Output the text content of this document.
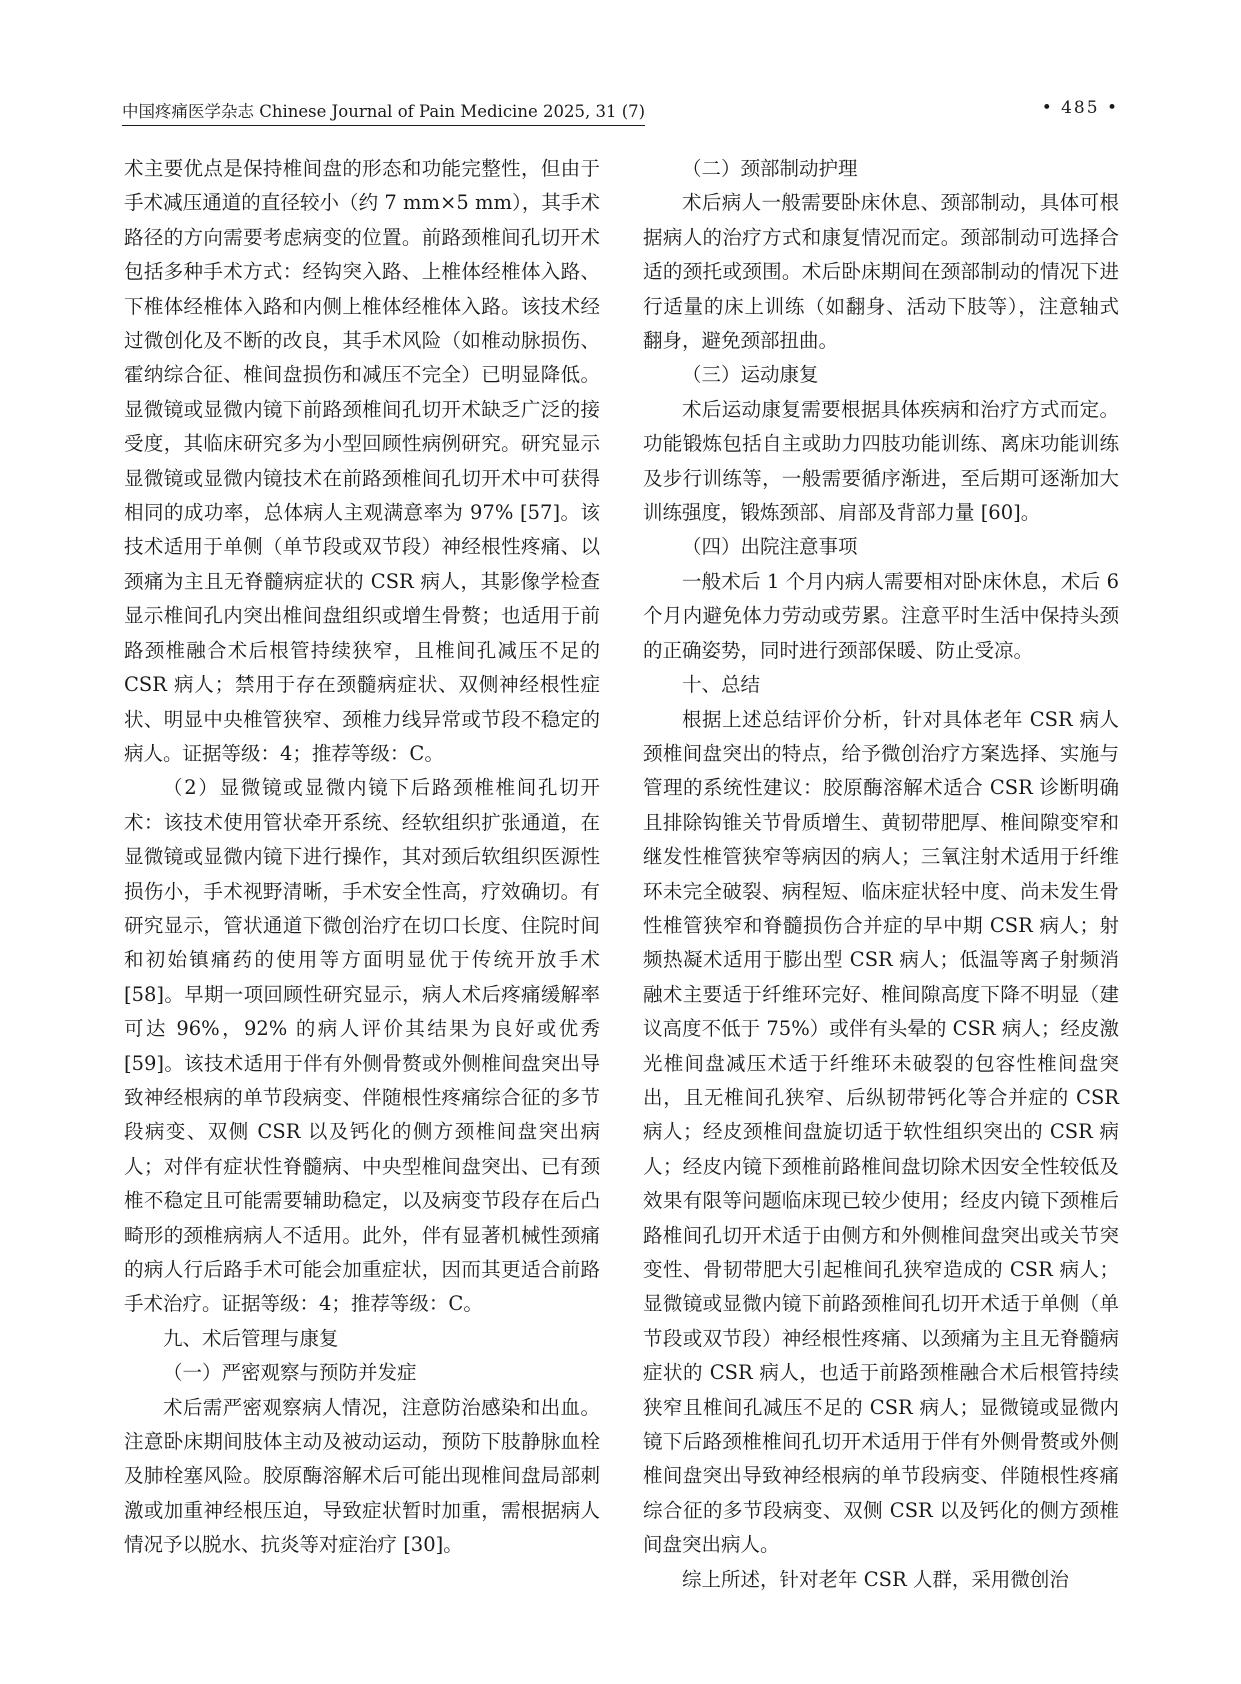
中国疼痛医学杂志 Chinese Journal of Pain Medicine 2025, 31 (7)	• 485 •

术主要优点是保持椎间盘的形态和功能完整性，但由于手术减压通道的直径较小（约 7 mm×5 mm），其手术路径的方向需要考虑病变的位置。前路颈椎间孔切开术包括多种手术方式：经钩突入路、上椎体经椎体入路、下椎体经椎体入路和内侧上椎体经椎体入路。该技术经过微创化及不断的改良，其手术风险（如椎动脉损伤、霍纳综合征、椎间盘损伤和减压不完全）已明显降低。显微镜或显微内镜下前路颈椎间孔切开术缺乏广泛的接受度，其临床研究多为小型回顾性病例研究。研究显示显微镜或显微内镜技术在前路颈椎间孔切开术中可获得相同的成功率，总体病人主观满意率为 97% [57]。该技术适用于单侧（单节段或双节段）神经根性疼痛、以颈痛为主且无脊髓病症状的 CSR 病人，其影像学检查显示椎间孔内突出椎间盘组织或增生骨赘；也适用于前路颈椎融合术后根管持续狭窄，且椎间孔减压不足的 CSR 病人；禁用于存在颈髓病症状、双侧神经根性症状、明显中央椎管狭窄、颈椎力线异常或节段不稳定的病人。证据等级：4；推荐等级：C。

（2）显微镜或显微内镜下后路颈椎椎间孔切开术：该技术使用管状牵开系统、经软组织扩张通道，在显微镜或显微内镜下进行操作，其对颈后软组织医源性损伤小，手术视野清晰，手术安全性高，疗效确切。有研究显示，管状通道下微创治疗在切口长度、住院时间和初始镇痛药的使用等方面明显优于传统开放手术 [58]。早期一项回顾性研究显示，病人术后疼痛缓解率可达 96%，92% 的病人评价其结果为良好或优秀 [59]。该技术适用于伴有外侧骨赘或外侧椎间盘突出导致神经根病的单节段病变、伴随根性疼痛综合征的多节段病变、双侧 CSR 以及钙化的侧方颈椎间盘突出病人；对伴有症状性脊髓病、中央型椎间盘突出、已有颈椎不稳定且可能需要辅助稳定，以及病变节段存在后凸畸形的颈椎病病人不适用。此外，伴有显著机械性颈痛的病人行后路手术可能会加重症状，因而其更适合前路手术治疗。证据等级：4；推荐等级：C。

九、术后管理与康复

（一）严密观察与预防并发症

术后需严密观察病人情况，注意防治感染和出血。注意卧床期间肢体主动及被动运动，预防下肢静脉血栓及肺栓塞风险。胶原酶溶解术后可能出现椎间盘局部刺激或加重神经根压迫，导致症状暂时加重，需根据病人情况予以脱水、抗炎等对症治疗 [30]。

（二）颈部制动护理

术后病人一般需要卧床休息、颈部制动，具体可根据病人的治疗方式和康复情况而定。颈部制动可选择合适的颈托或颈围。术后卧床期间在颈部制动的情况下进行适量的床上训练（如翻身、活动下肢等），注意轴式翻身，避免颈部扭曲。

（三）运动康复

术后运动康复需要根据具体疾病和治疗方式而定。功能锻炼包括自主或助力四肢功能训练、离床功能训练及步行训练等，一般需要循序渐进，至后期可逐渐加大训练强度，锻炼颈部、肩部及背部力量 [60]。

（四）出院注意事项

一般术后 1 个月内病人需要相对卧床休息，术后 6 个月内避免体力劳动或劳累。注意平时生活中保持头颈的正确姿势，同时进行颈部保暖、防止受凉。

十、总结

根据上述总结评价分析，针对具体老年 CSR 病人颈椎间盘突出的特点，给予微创治疗方案选择、实施与管理的系统性建议：胶原酶溶解术适合 CSR 诊断明确且排除钩锥关节骨质增生、黄韧带肥厚、椎间隙变窄和继发性椎管狭窄等病因的病人；三氧注射术适用于纤维环未完全破裂、病程短、临床症状轻中度、尚未发生骨性椎管狭窄和脊髓损伤合并症的早中期 CSR 病人；射频热凝术适用于膨出型 CSR 病人；低温等离子射频消融术主要适于纤维环完好、椎间隙高度下降不明显（建议高度不低于 75%）或伴有头晕的 CSR 病人；经皮激光椎间盘减压术适于纤维环未破裂的包容性椎间盘突出，且无椎间孔狭窄、后纵韧带钙化等合并症的 CSR 病人；经皮颈椎间盘旋切适于软性组织突出的 CSR 病人；经皮内镜下颈椎前路椎间盘切除术因安全性较低及效果有限等问题临床现已较少使用；经皮内镜下颈椎后路椎间孔切开术适于由侧方和外侧椎间盘突出或关节突变性、骨韧带肥大引起椎间孔狭窄造成的 CSR 病人；显微镜或显微内镜下前路颈椎间孔切开术适于单侧（单节段或双节段）神经根性疼痛、以颈痛为主且无脊髓病症状的 CSR 病人，也适于前路颈椎融合术后根管持续狭窄且椎间孔减压不足的 CSR 病人；显微镜或显微内镜下后路颈椎椎间孔切开术适用于伴有外侧骨赘或外侧椎间盘突出导致神经根病的单节段病变、伴随根性疼痛综合征的多节段病变、双侧 CSR 以及钙化的侧方颈椎间盘突出病人。

综上所述，针对老年 CSR 人群，采用微创治
